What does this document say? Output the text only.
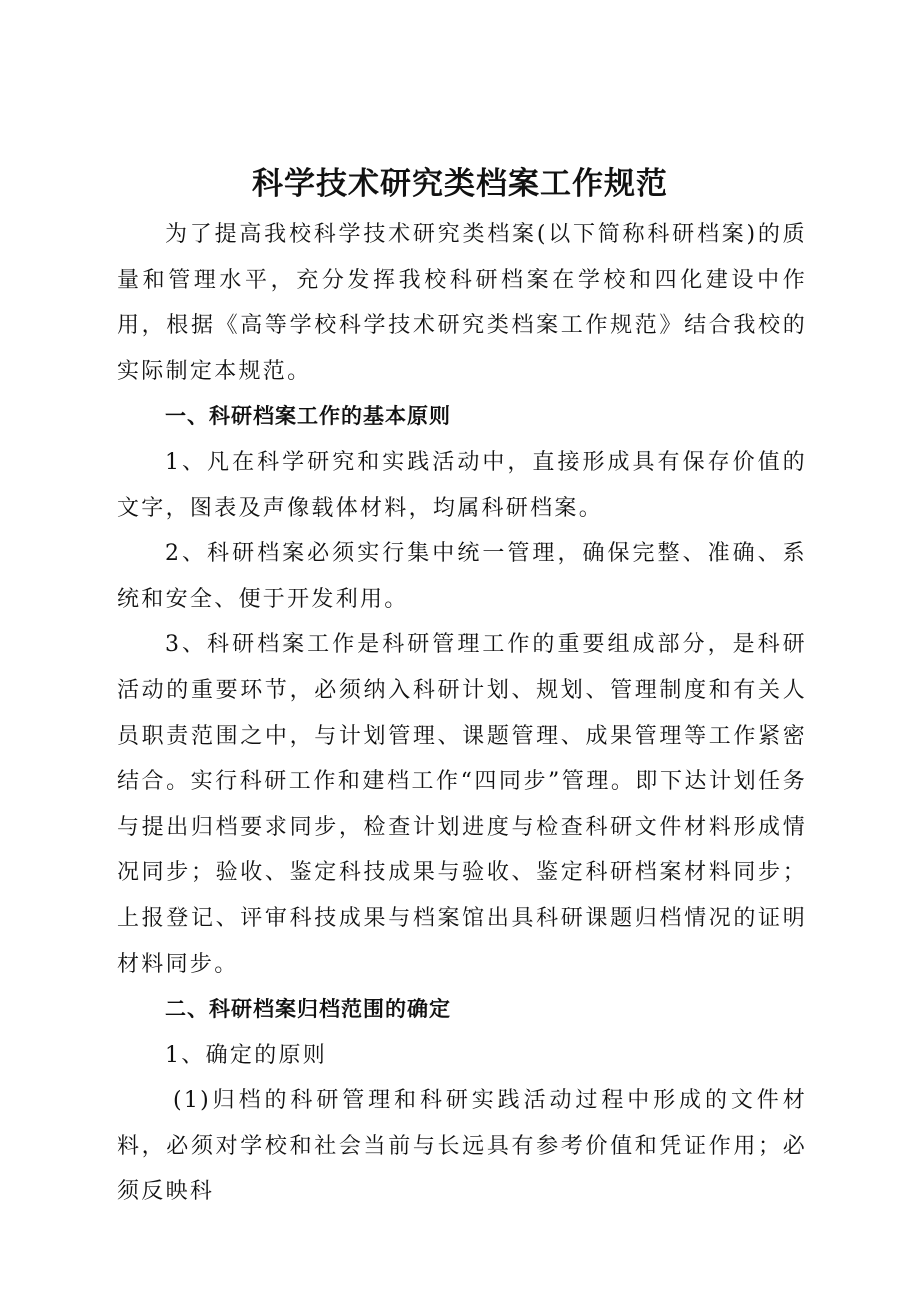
科学技术研究类档案工作规范

为了提高我校科学技术研究类档案(以下简称科研档案)的质量和管理水平，充分发挥我校科研档案在学校和四化建设中作用，根据《高等学校科学技术研究类档案工作规范》结合我校的实际制定本规范。

一、科研档案工作的基本原则

1、凡在科学研究和实践活动中，直接形成具有保存价值的文字，图表及声像载体材料，均属科研档案。

2、科研档案必须实行集中统一管理，确保完整、准确、系统和安全、便于开发利用。

3、科研档案工作是科研管理工作的重要组成部分，是科研活动的重要环节，必须纳入科研计划、规划、管理制度和有关人员职责范围之中，与计划管理、课题管理、成果管理等工作紧密结合。实行科研工作和建档工作“四同步”管理。即下达计划任务与提出归档要求同步，检查计划进度与检查科研文件材料形成情况同步；验收、鉴定科技成果与验收、鉴定科研档案材料同步；上报登记、评审科技成果与档案馆出具科研课题归档情况的证明材料同步。

二、科研档案归档范围的确定

1、确定的原则

(1)归档的科研管理和科研实践活动过程中形成的文件材料，必须对学校和社会当前与长远具有参考价值和凭证作用；必须反映科
